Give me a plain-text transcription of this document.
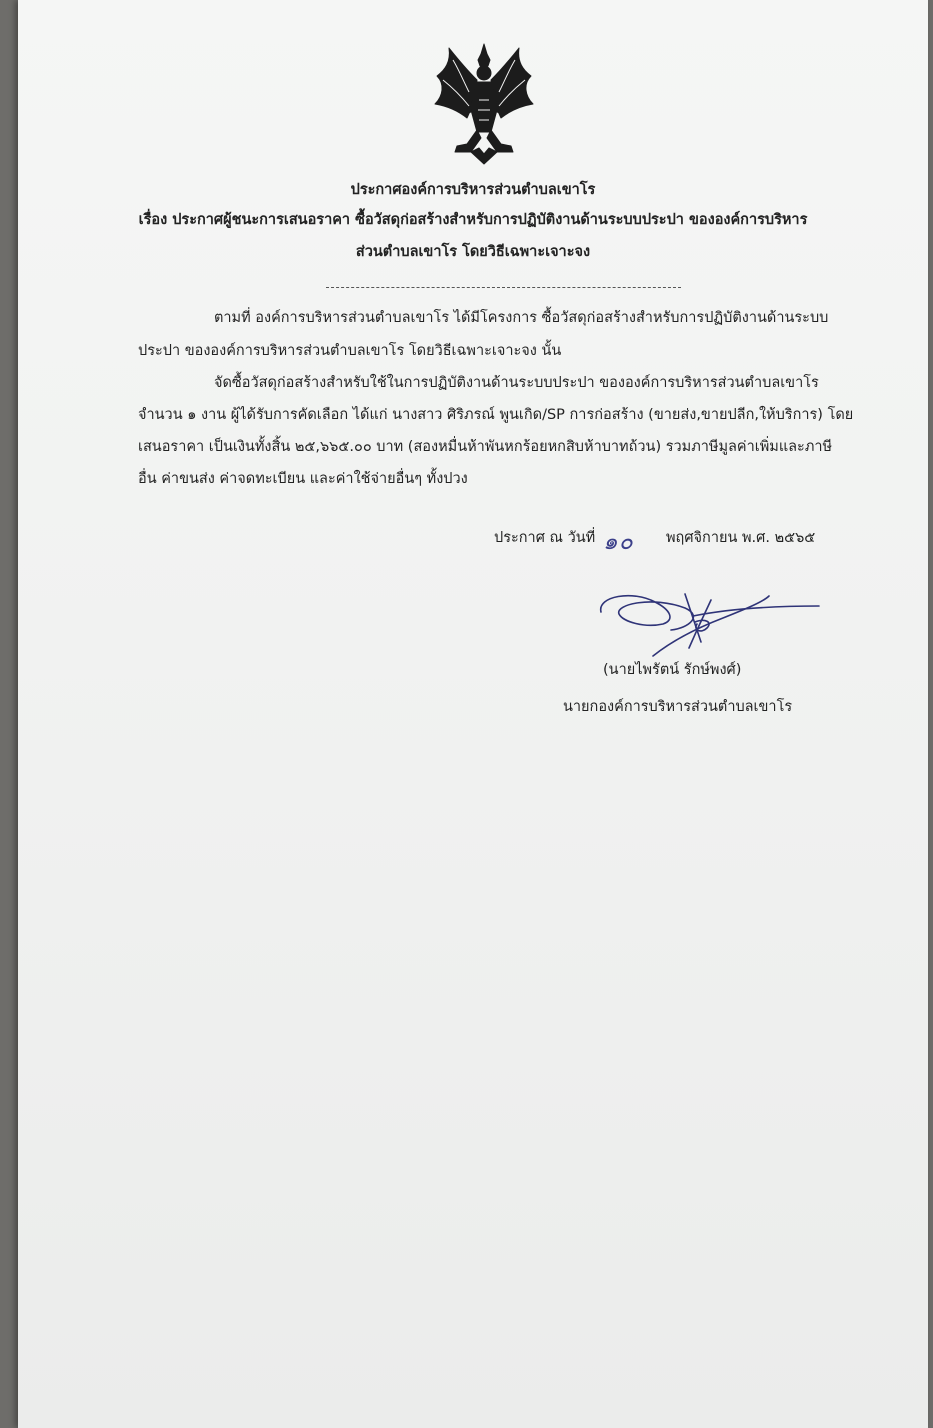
ประกาศองค์การบริหารส่วนตำบลเขาโร
เรื่อง ประกาศผู้ชนะการเสนอราคา ซื้อวัสดุก่อสร้างสำหรับการปฏิบัติงานด้านระบบประปา ขององค์การบริหาร
ส่วนตำบลเขาโร โดยวิธีเฉพาะเจาะจง
ตามที่ องค์การบริหารส่วนตำบลเขาโร ได้มีโครงการ ซื้อวัสดุก่อสร้างสำหรับการปฏิบัติงานด้านระบบ
ประปา ขององค์การบริหารส่วนตำบลเขาโร โดยวิธีเฉพาะเจาะจง นั้น
จัดซื้อวัสดุก่อสร้างสำหรับใช้ในการปฏิบัติงานด้านระบบประปา ขององค์การบริหารส่วนตำบลเขาโร
จำนวน ๑ งาน ผู้ได้รับการคัดเลือก ได้แก่ นางสาว ศิริภรณ์ พูนเกิด/SP การก่อสร้าง (ขายส่ง,ขายปลีก,ให้บริการ) โดย
เสนอราคา เป็นเงินทั้งสิ้น ๒๕,๖๖๕.๐๐ บาท (สองหมื่นห้าพันหกร้อยหกสิบห้าบาทถ้วน) รวมภาษีมูลค่าเพิ่มและภาษี
อื่น ค่าขนส่ง ค่าจดทะเบียน และค่าใช้จ่ายอื่นๆ ทั้งปวง
ประกาศ ณ วันที่ ๑๐ พฤศจิกายน พ.ศ. ๒๕๖๕
(นายไพรัตน์ รักษ์พงศ์)
นายกองค์การบริหารส่วนตำบลเขาโร
